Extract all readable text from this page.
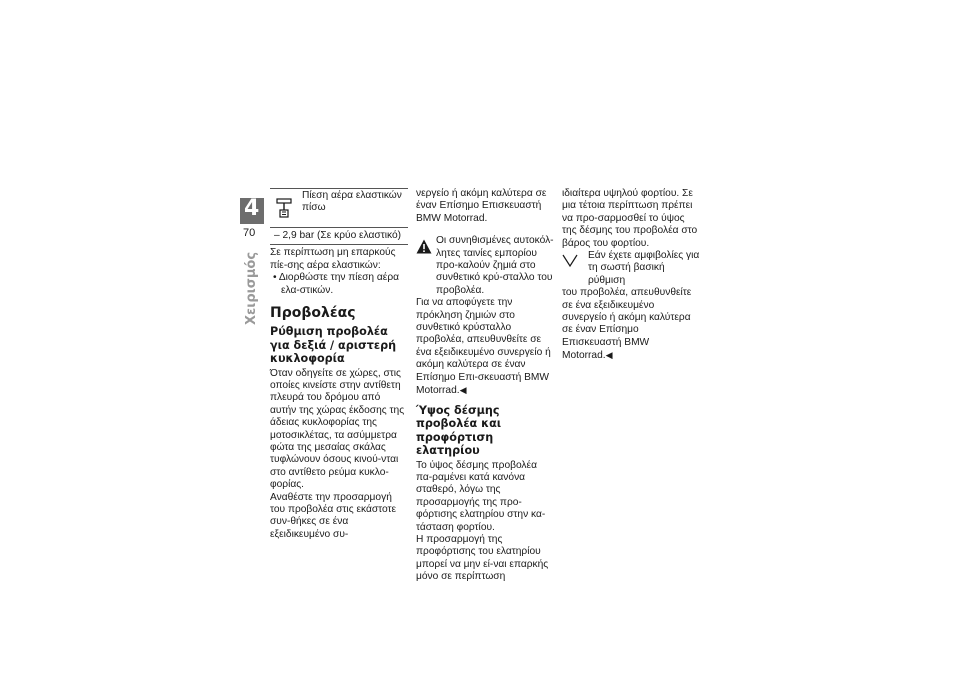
4
70
Χειρισμός
Πίεση αέρα ελαστικών πίσω
– 2,9 bar (Σε κρύο ελαστικό)

Σε περίπτωση μη επαρκούς πίε-σης αέρα ελαστικών:

• Διορθώστε την πίεση αέρα ελα-στικών.

Προβολέας
Ρύθμιση προβολέα για δεξιά / αριστερή κυκλοφορία

Όταν οδηγείτε σε χώρες, στις οποίες κινείστε στην αντίθετη πλευρά του δρόμου από αυτήν της χώρας έκδοσης της άδειας κυκλοφορίας της μοτοσικλέτας, τα ασύμμετρα φώτα της μεσαίας σκάλας τυφλώνουν όσους κινού-νται στο αντίθετο ρεύμα κυκλο-φορίας.

Αναθέστε την προσαρμογή του προβολέα στις εκάστοτε συν-θήκες σε ένα εξειδικευμένο συ-

νεργείο ή ακόμη καλύτερα σε έναν Επίσημο Επισκευαστή BMW Motorrad.

Οι συνηθισμένες αυτοκόλ-λητες ταινίες εμπορίου προ-καλούν ζημιά στο συνθετικό κρύ-σταλλο του προβολέα.

Για να αποφύγετε την πρόκληση ζημιών στο συνθετικό κρύσταλλο προβολέα, απευθυνθείτε σε ένα εξειδικευμένο συνεργείο ή ακόμη καλύτερα σε έναν Επίσημο Επι-σκευαστή BMW Motorrad.◀

Ύψος δέσμης προβολέα και προφόρτιση ελατηρίου

Το ύψος δέσμης προβολέα πα-ραμένει κατά κανόνα σταθερό, λόγω της προσαρμογής της προ-φόρτισης ελατηρίου στην κα-τάσταση φορτίου.

Η προσαρμογή της προφόρτισης του ελατηρίου μπορεί να μην εί-ναι επαρκής μόνο σε περίπτωση

ιδιαίτερα υψηλού φορτίου. Σε μια τέτοια περίπτωση πρέπει να προ-σαρμοσθεί το ύψος της δέσμης του προβολέα στο βάρος του φορτίου.

Εάν έχετε αμφιβολίες για τη σωστή βασική ρύθμιση

του προβολέα, απευθυνθείτε σε ένα εξειδικευμένο συνεργείο ή ακόμη καλύτερα σε έναν Επίσημο Επισκευαστή BMW Motorrad.◀
